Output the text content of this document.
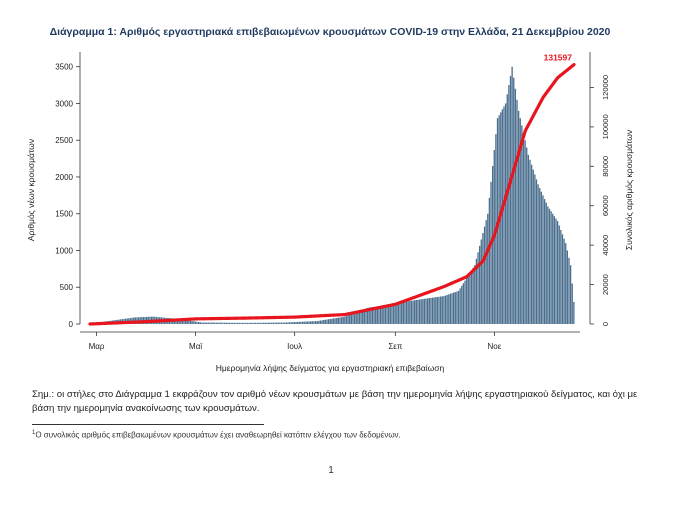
Διάγραμμα 1: Αριθμός εργαστηριακά επιβεβαιωμένων κρουσμάτων COVID-19 στην Ελλάδα, 21 Δεκεμβρίου 2020
0
500
1000
1500
2000
2500
3000
3500
0
20000
40000
60000
80000
100000
120000
Μαρ	Μαϊ	Ιουλ	Σεπ	Νοε
Ημερομηνία λήψης δείγματος για εργαστηριακή επιβεβαίωση
Αριθμός νέων κρουσμάτων	Συνολικός αριθμός κρουσμάτων
131597
Σημ.: οι στήλες στο Διάγραμμα 1 εκφράζουν τον αριθμό νέων κρουσμάτων με βάση την ημερομηνία λήψης εργαστηριακού δείγματος, και όχι με βάση την ημερομηνία ανακοίνωσης των κρουσμάτων.
$^1$Ο συνολικός αριθμός επιβεβαιωμένων κρουσμάτων έχει αναθεωρηθεί κατόπιν ελέγχου των δεδομένων.
1
